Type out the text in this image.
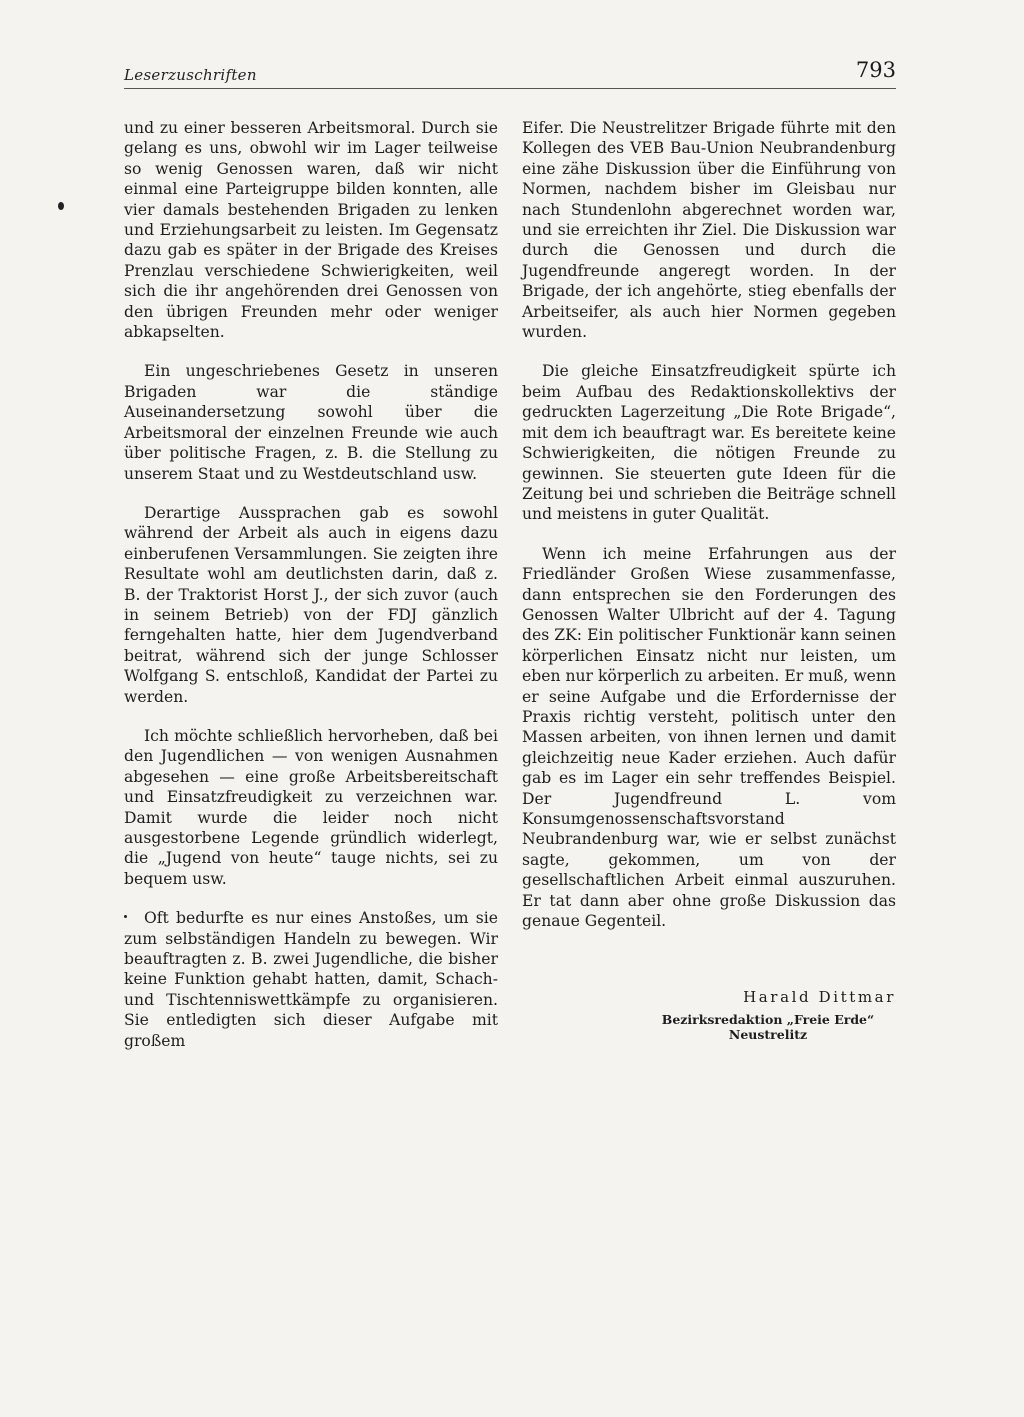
Leserzuschriften	793

und zu einer besseren Arbeitsmoral. Durch sie gelang es uns, obwohl wir im Lager teilweise so wenig Genossen waren, daß wir nicht einmal eine Parteigruppe bilden konnten, alle vier damals bestehenden Brigaden zu lenken und Erziehungsarbeit zu leisten. Im Gegensatz dazu gab es später in der Brigade des Kreises Prenzlau verschiedene Schwierigkeiten, weil sich die ihr angehörenden drei Genossen von den übrigen Freunden mehr oder weniger abkapselten.

Ein ungeschriebenes Gesetz in unseren Brigaden war die ständige Auseinandersetzung sowohl über die Arbeitsmoral der einzelnen Freunde wie auch über politische Fragen, z. B. die Stellung zu unserem Staat und zu Westdeutschland usw.

Derartige Aussprachen gab es sowohl während der Arbeit als auch in eigens dazu einberufenen Versammlungen. Sie zeigten ihre Resultate wohl am deutlichsten darin, daß z. B. der Traktorist Horst J., der sich zuvor (auch in seinem Betrieb) von der FDJ gänzlich ferngehalten hatte, hier dem Jugendverband beitrat, während sich der junge Schlosser Wolfgang S. entschloß, Kandidat der Partei zu werden.

Ich möchte schließlich hervorheben, daß bei den Jugendlichen — von wenigen Ausnahmen abgesehen — eine große Arbeitsbereitschaft und Einsatzfreudigkeit zu verzeichnen war. Damit wurde die leider noch nicht ausgestorbene Legende gründlich widerlegt, die „Jugend von heute“ tauge nichts, sei zu bequem usw.

Oft bedurfte es nur eines Anstoßes, um sie zum selbständigen Handeln zu bewegen. Wir beauftragten z. B. zwei Jugendliche, die bisher keine Funktion gehabt hatten, damit, Schach- und Tischtenniswettkämpfe zu organisieren. Sie entledigten sich dieser Aufgabe mit großem

Eifer. Die Neustrelitzer Brigade führte mit den Kollegen des VEB Bau-Union Neubrandenburg eine zähe Diskussion über die Einführung von Normen, nachdem bisher im Gleisbau nur nach Stundenlohn abgerechnet worden war, und sie erreichten ihr Ziel. Die Diskussion war durch die Genossen und durch die Jugendfreunde angeregt worden. In der Brigade, der ich angehörte, stieg ebenfalls der Arbeitseifer, als auch hier Normen gegeben wurden.

Die gleiche Einsatzfreudigkeit spürte ich beim Aufbau des Redaktionskollektivs der gedruckten Lagerzeitung „Die Rote Brigade“, mit dem ich beauftragt war. Es bereitete keine Schwierigkeiten, die nötigen Freunde zu gewinnen. Sie steuerten gute Ideen für die Zeitung bei und schrieben die Beiträge schnell und meistens in guter Qualität.

Wenn ich meine Erfahrungen aus der Friedländer Großen Wiese zusammenfasse, dann entsprechen sie den Forderungen des Genossen Walter Ulbricht auf der 4. Tagung des ZK: Ein politischer Funktionär kann seinen körperlichen Einsatz nicht nur leisten, um eben nur körperlich zu arbeiten. Er muß, wenn er seine Aufgabe und die Erfordernisse der Praxis richtig versteht, politisch unter den Massen arbeiten, von ihnen lernen und damit gleichzeitig neue Kader erziehen. Auch dafür gab es im Lager ein sehr treffendes Beispiel. Der Jugendfreund L. vom Konsumgenossenschaftsvorstand Neubrandenburg war, wie er selbst zunächst sagte, gekommen, um von der gesellschaftlichen Arbeit einmal auszuruhen. Er tat dann aber ohne große Diskussion das genaue Gegenteil.

Harald Dittmar

Bezirksredaktion „Freie Erde“

Neustrelitz
